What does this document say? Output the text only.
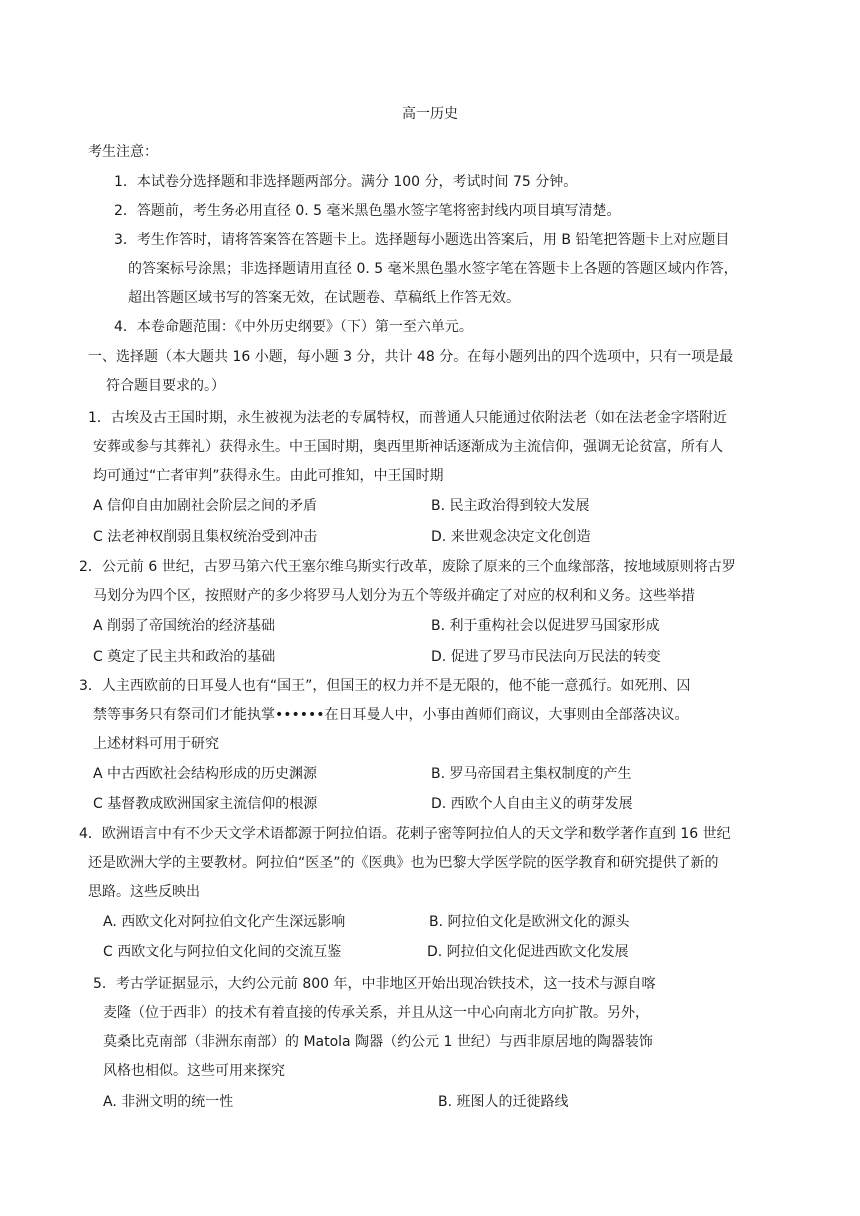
高一历史
考生注意：
1．本试卷分选择题和非选择题两部分。满分 100 分，考试时间 75 分钟。
2．答题前，考生务必用直径 0. 5 毫米黑色墨水签字笔将密封线内项目填写清楚。
3．考生作答时，请将答案答在答题卡上。选择题每小题选出答案后，用 B 铅笔把答题卡上对应题目
的答案标号涂黑；非选择题请用直径 0. 5 毫米黑色墨水签字笔在答题卡上各题的答题区域内作答，
超出答题区域书写的答案无效，在试题卷、草稿纸上作答无效。
4．本卷命题范围：《中外历史纲要》（下）第一至六单元。
一、选择题（本大题共 16 小题，每小题 3 分，共计 48 分。在每小题列出的四个选项中，只有一项是最
符合题目要求的。）
1．古埃及古王国时期，永生被视为法老的专属特权，而普通人只能通过依附法老（如在法老金字塔附近
安葬或参与其葬礼）获得永生。中王国时期，奥西里斯神话逐渐成为主流信仰，强调无论贫富，所有人
均可通过“亡者审判”获得永生。由此可推知，中王国时期
A 信仰自由加剧社会阶层之间的矛盾	B. 民主政治得到较大发展
C 法老神权削弱且集权统治受到冲击	D. 来世观念决定文化创造
2．公元前 6 世纪，古罗马第六代王塞尔维乌斯实行改革，废除了原来的三个血缘部落，按地域原则将古罗
马划分为四个区，按照财产的多少将罗马人划分为五个等级并确定了对应的权利和义务。这些举措
A 削弱了帝国统治的经济基础	B. 利于重构社会以促进罗马国家形成
C 奠定了民主共和政治的基础	D. 促进了罗马市民法向万民法的转变
3．人主西欧前的日耳曼人也有“国王”，但国王的权力并不是无限的，他不能一意孤行。如死刑、囚
禁等事务只有祭司们才能执掌••••••在日耳曼人中，小事由酋师们商议，大事则由全部落决议。
上述材料可用于研究
A 中古西欧社会结构形成的历史渊源	B. 罗马帝国君主集权制度的产生
C 基督教成欧洲国家主流信仰的根源	D. 西欧个人自由主义的萌芽发展
4．欧洲语言中有不少天文学术语都源于阿拉伯语。花剌子密等阿拉伯人的天文学和数学著作直到 16 世纪
还是欧洲大学的主要教材。阿拉伯“医圣”的《医典》也为巴黎大学医学院的医学教育和研究提供了新的
思路。这些反映出
A. 西欧文化对阿拉伯文化产生深远影响	B. 阿拉伯文化是欧洲文化的源头
C 西欧文化与阿拉伯文化间的交流互鉴	D. 阿拉伯文化促进西欧文化发展
5．考古学证据显示，大约公元前 800 年，中非地区开始出现冶铁技术，这一技术与源自喀
麦隆（位于西非）的技术有着直接的传承关系，并且从这一中心向南北方向扩散。另外，
莫桑比克南部（非洲东南部）的 Matola 陶器（约公元 1 世纪）与西非原居地的陶器装饰
风格也相似。这些可用来探究
A. 非洲文明的统一性	B. 班图人的迁徙路线
